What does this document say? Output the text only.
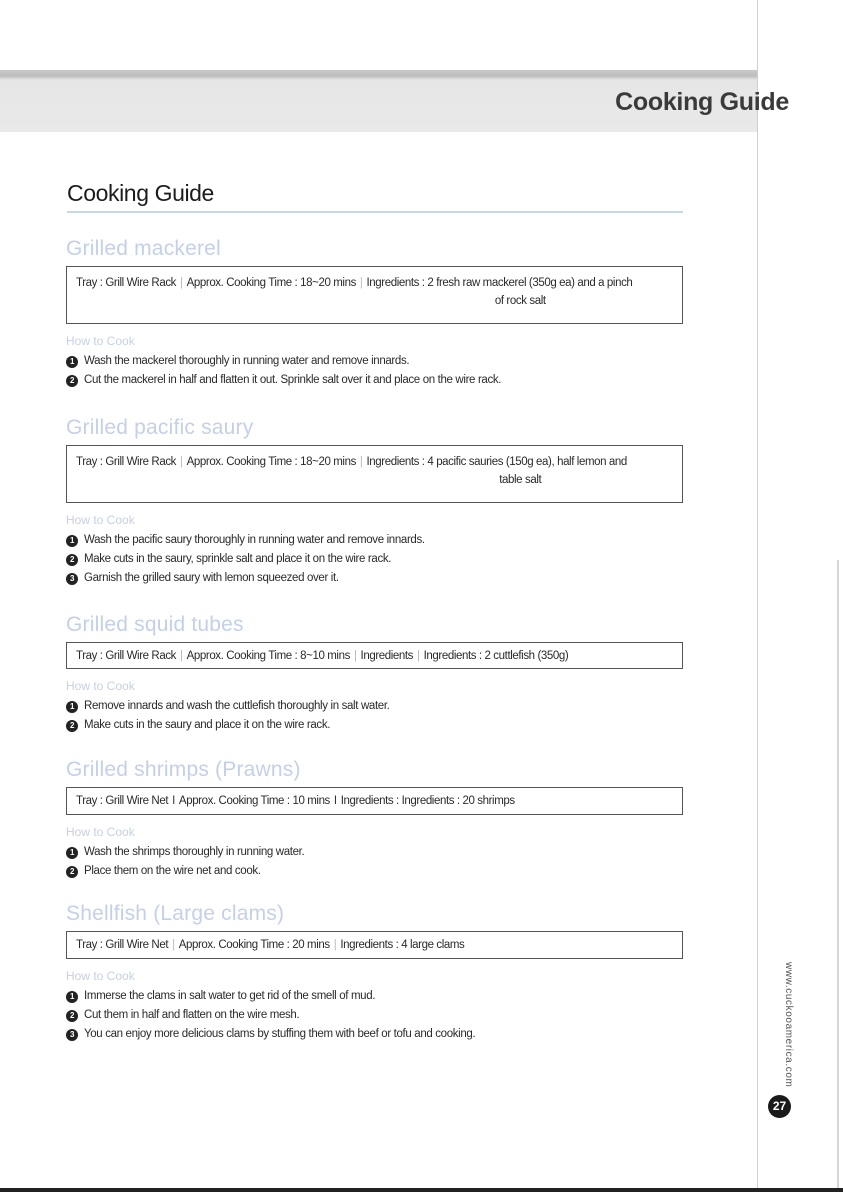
Cooking Guide
Cooking Guide
Grilled mackerel
Tray : Grill Wire Rack | Approx. Cooking Time : 18~20 mins | Ingredients : 2 fresh raw mackerel (350g ea) and a pinch
of rock salt
How to Cook
1 Wash the mackerel thoroughly in running water and remove innards.
2 Cut the mackerel in half and flatten it out. Sprinkle salt over it and place on the wire rack.
Grilled pacific saury
Tray : Grill Wire Rack | Approx. Cooking Time : 18~20 mins | Ingredients : 4 pacific sauries (150g ea), half lemon and
table salt
How to Cook
1 Wash the pacific saury thoroughly in running water and remove innards.
2 Make cuts in the saury, sprinkle salt and place it on the wire rack.
3 Garnish the grilled saury with lemon squeezed over it.
Grilled squid tubes
Tray : Grill Wire Rack | Approx. Cooking Time : 8~10 mins | Ingredients | Ingredients : 2 cuttlefish (350g)
How to Cook
1 Remove innards and wash the cuttlefish thoroughly in salt water.
2 Make cuts in the saury and place it on the wire rack.
Grilled shrimps (Prawns)
Tray : Grill Wire Net I Approx. Cooking Time : 10 mins I Ingredients : Ingredients : 20 shrimps
How to Cook
1 Wash the shrimps thoroughly in running water.
2 Place them on the wire net and cook.
Shellfish (Large clams)
Tray : Grill Wire Net | Approx. Cooking Time : 20 mins | Ingredients : 4 large clams
How to Cook
1 Immerse the clams in salt water to get rid of the smell of mud.
2 Cut them in half and flatten on the wire mesh.
3 You can enjoy more delicious clams by stuffing them with beef or tofu and cooking.	www.cuckooamerica.com
27
